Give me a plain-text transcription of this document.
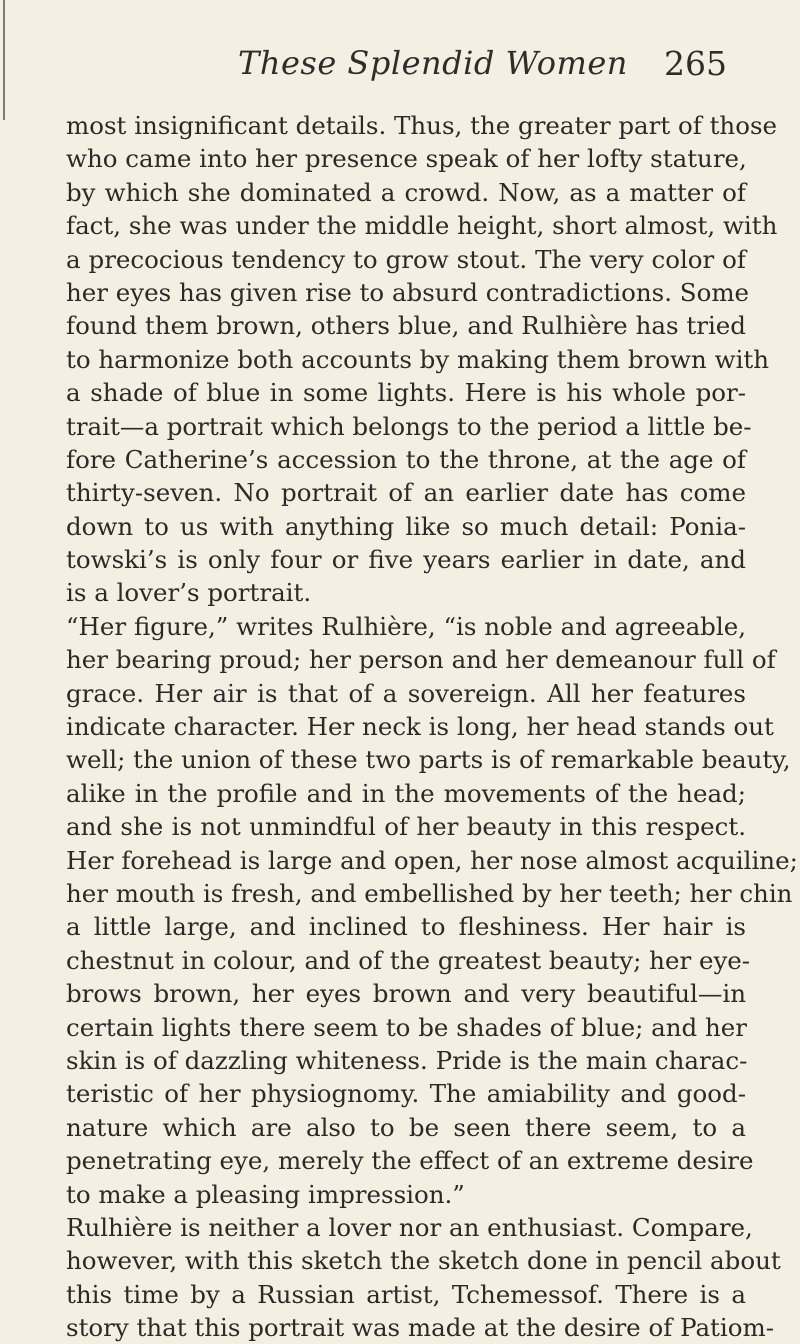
These Splendid Women 265
most insignificant details. Thus, the greater part of those
who came into her presence speak of her lofty stature,
by which she dominated a crowd. Now, as a matter of
fact, she was under the middle height, short almost, with
a precocious tendency to grow stout. The very color of
her eyes has given rise to absurd contradictions. Some
found them brown, others blue, and Rulhière has tried
to harmonize both accounts by making them brown with
a shade of blue in some lights. Here is his whole por-
trait—a portrait which belongs to the period a little be-
fore Catherine’s accession to the throne, at the age of
thirty-seven. No portrait of an earlier date has come
down to us with anything like so much detail: Ponia-
towski’s is only four or five years earlier in date, and
is a lover’s portrait.
“Her figure,” writes Rulhière, “is noble and agreeable,
her bearing proud; her person and her demeanour full of
grace. Her air is that of a sovereign. All her features
indicate character. Her neck is long, her head stands out
well; the union of these two parts is of remarkable beauty,
alike in the profile and in the movements of the head;
and she is not unmindful of her beauty in this respect.
Her forehead is large and open, her nose almost acquiline;
her mouth is fresh, and embellished by her teeth; her chin
a little large, and inclined to fleshiness. Her hair is
chestnut in colour, and of the greatest beauty; her eye-
brows brown, her eyes brown and very beautiful—in
certain lights there seem to be shades of blue; and her
skin is of dazzling whiteness. Pride is the main charac-
teristic of her physiognomy. The amiability and good-
nature which are also to be seen there seem, to a
penetrating eye, merely the effect of an extreme desire
to make a pleasing impression.”
Rulhière is neither a lover nor an enthusiast. Compare,
however, with this sketch the sketch done in pencil about
this time by a Russian artist, Tchemessof. There is a
story that this portrait was made at the desire of Patiom-
